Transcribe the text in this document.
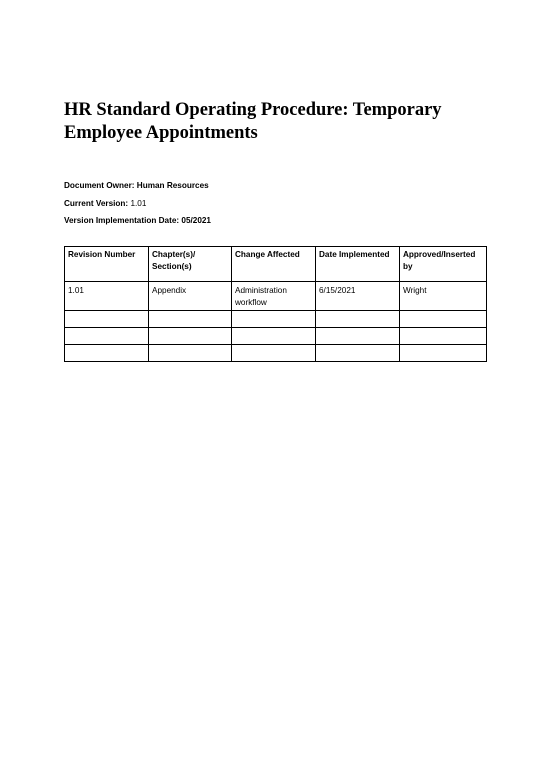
HR Standard Operating Procedure: Temporary Employee Appointments
Document Owner: Human Resources
Current Version: 1.01
Version Implementation Date: 05/2021
Revision Number	Chapter(s)/ Section(s)	Change Affected	Date Implemented	Approved/Inserted by
1.01	Appendix	Administration workflow	6/15/2021	Wright
